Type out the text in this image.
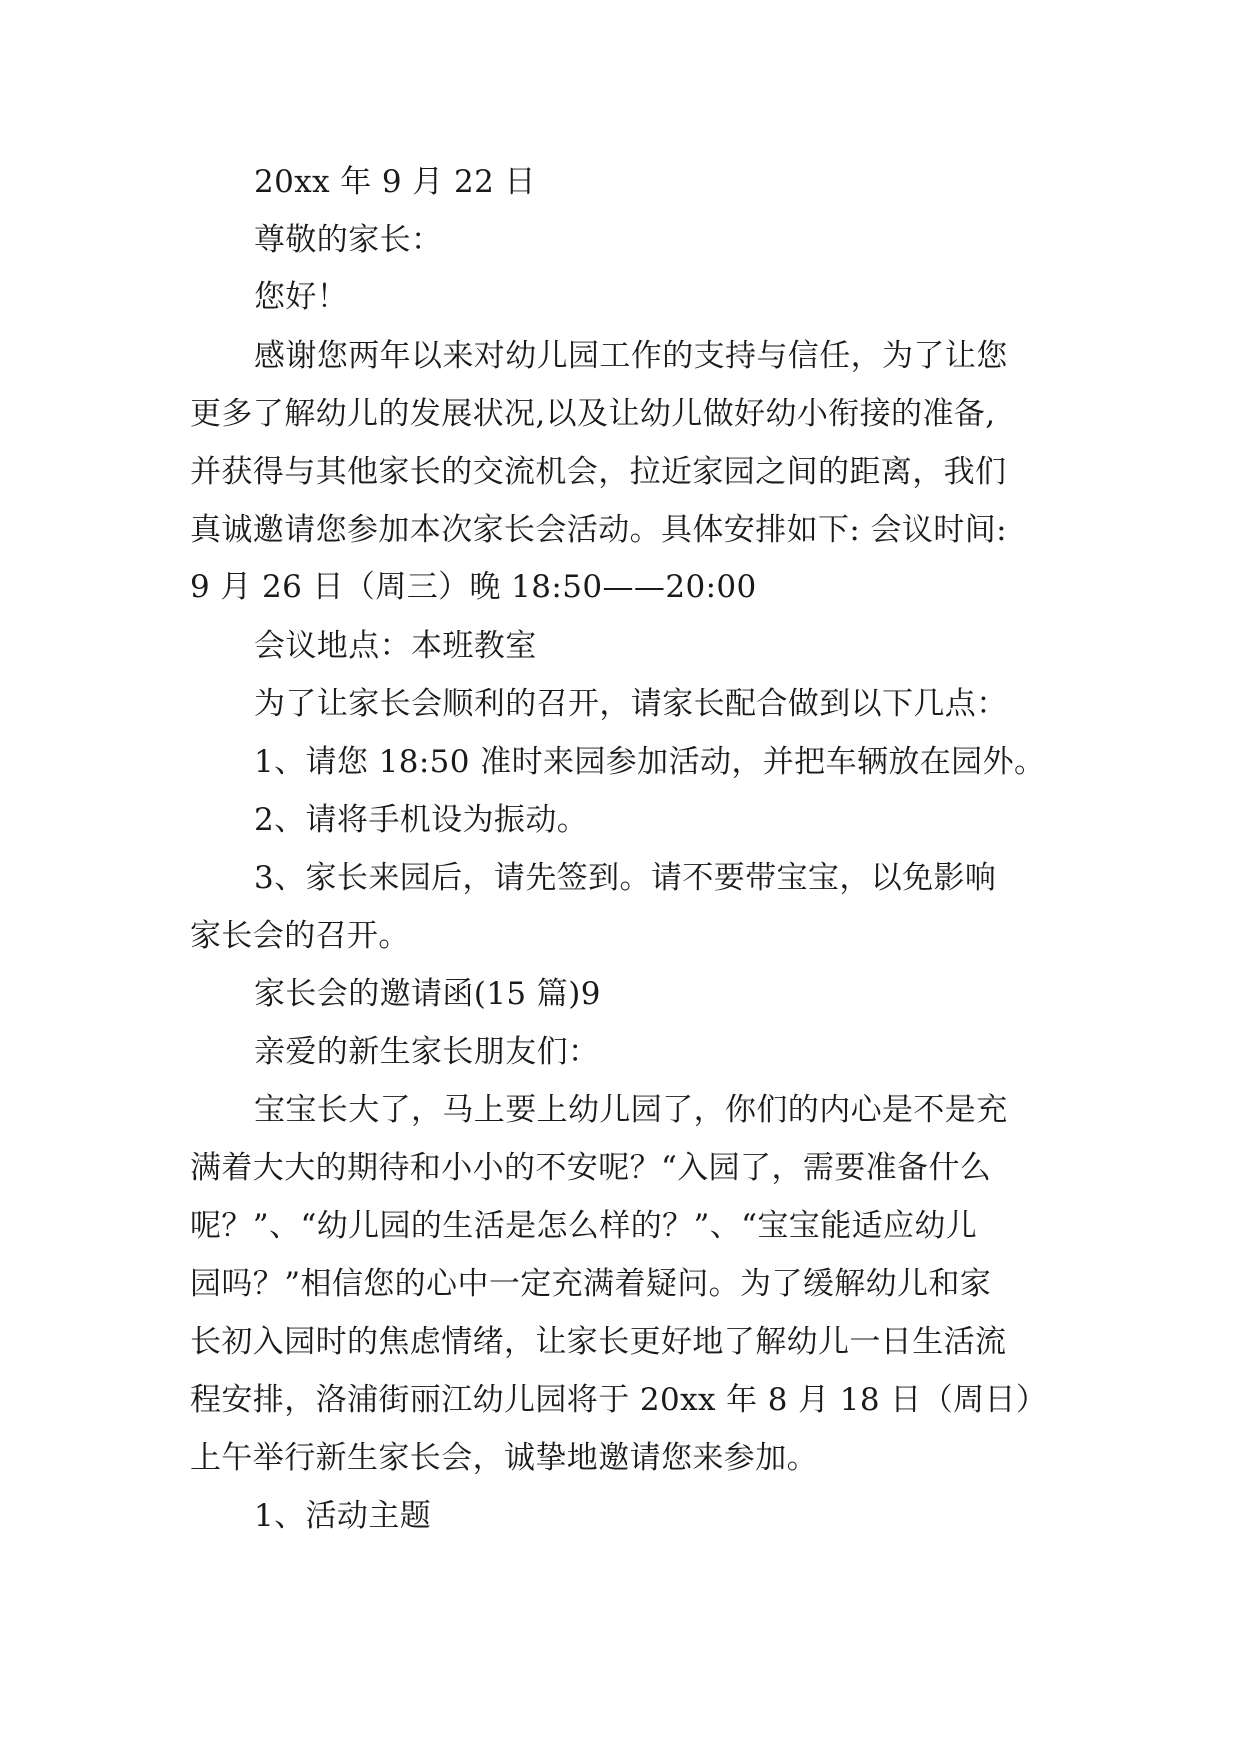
20xx 年 9 月 22 日
尊敬的家长：
您好！
感谢您两年以来对幼儿园工作的支持与信任，为了让您
更多了解幼儿的发展状况,以及让幼儿做好幼小衔接的准备,
并获得与其他家长的交流机会，拉近家园之间的距离，我们
真诚邀请您参加本次家长会活动。具体安排如下: 会议时间:
9 月 26 日（周三）晚 18:50——20:00
会议地点：本班教室
为了让家长会顺利的召开，请家长配合做到以下几点：
1、请您 18:50 准时来园参加活动，并把车辆放在园外。
2、请将手机设为振动。
3、家长来园后，请先签到。请不要带宝宝，以免影响
家长会的召开。
家长会的邀请函(15 篇)9
亲爱的新生家长朋友们：
宝宝长大了，马上要上幼儿园了，你们的内心是不是充
满着大大的期待和小小的不安呢？“入园了，需要准备什么
呢？”、“幼儿园的生活是怎么样的？”、“宝宝能适应幼儿
园吗？”相信您的心中一定充满着疑问。为了缓解幼儿和家
长初入园时的焦虑情绪，让家长更好地了解幼儿一日生活流
程安排，洛浦街丽江幼儿园将于 20xx 年 8 月 18 日（周日）
上午举行新生家长会，诚挚地邀请您来参加。
1、活动主题
